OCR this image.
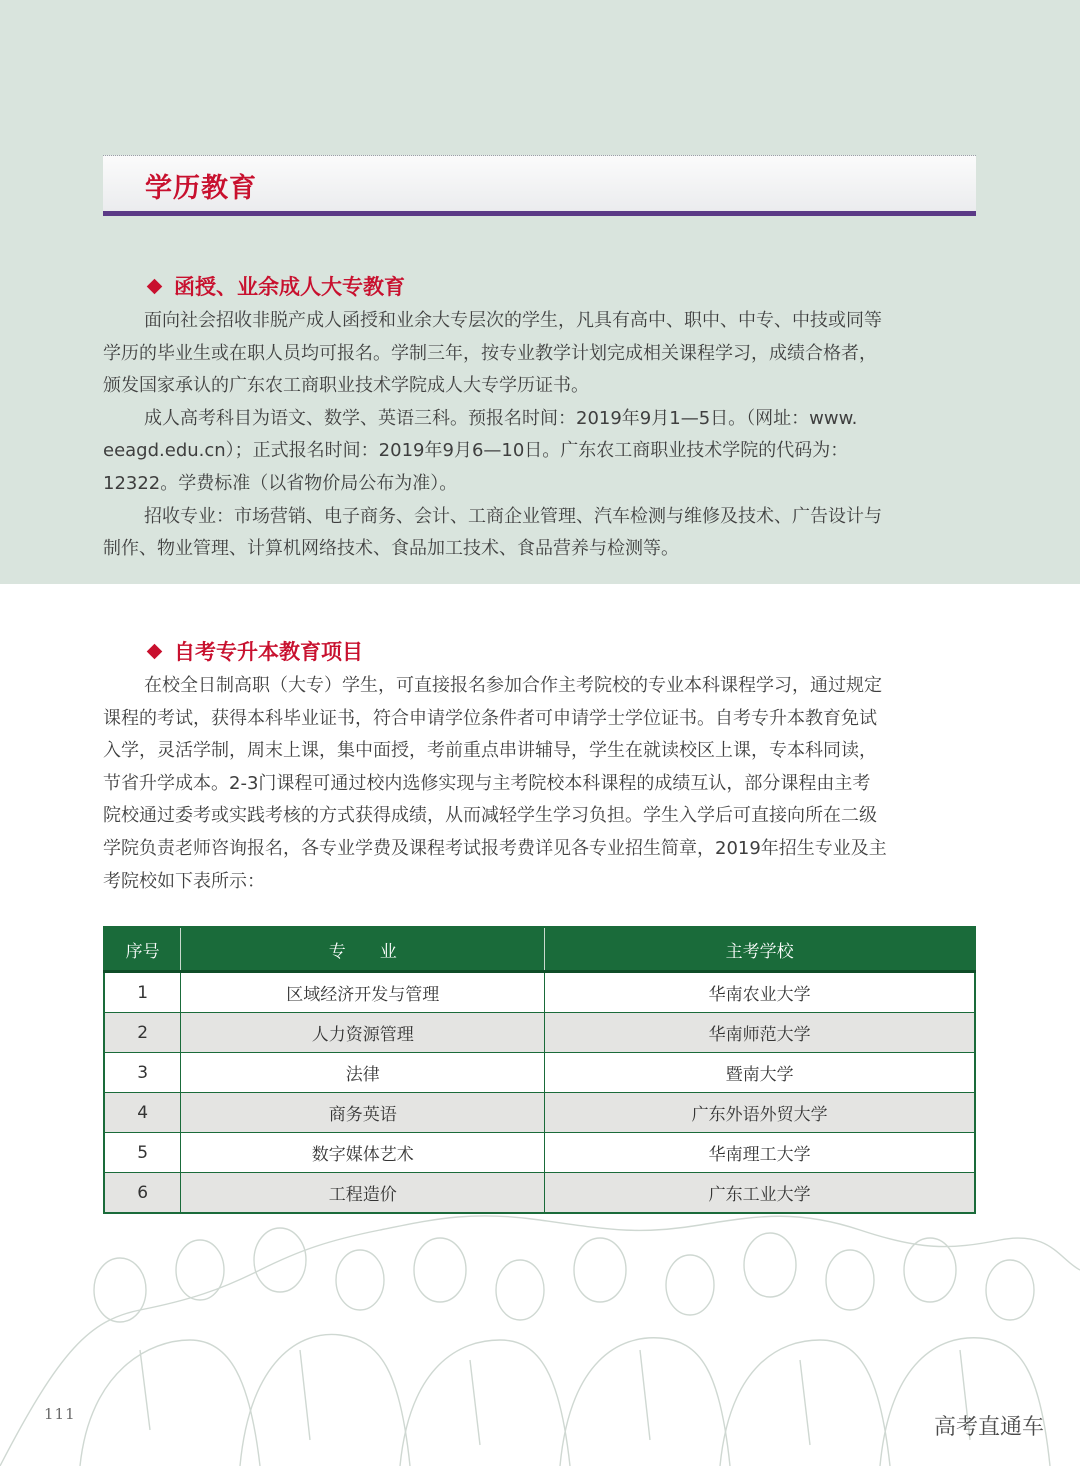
学历教育
函授、业余成人大专教育
面向社会招收非脱产成人函授和业余大专层次的学生，凡具有高中、职中、中专、中技或同等
学历的毕业生或在职人员均可报名。学制三年，按专业教学计划完成相关课程学习，成绩合格者，
颁发国家承认的广东农工商职业技术学院成人大专学历证书。
成人高考科目为语文、数学、英语三科。预报名时间：2019年9月1—5日。（网址：www.
eeagd.edu.cn）；正式报名时间：2019年9月6—10日。广东农工商职业技术学院的代码为：
12322。学费标准（以省物价局公布为准）。
招收专业：市场营销、电子商务、会计、工商企业管理、汽车检测与维修及技术、广告设计与
制作、物业管理、计算机网络技术、食品加工技术、食品营养与检测等。
自考专升本教育项目
在校全日制高职（大专）学生，可直接报名参加合作主考院校的专业本科课程学习，通过规定
课程的考试，获得本科毕业证书，符合申请学位条件者可申请学士学位证书。自考专升本教育免试
入学，灵活学制，周末上课，集中面授，考前重点串讲辅导，学生在就读校区上课，专本科同读，
节省升学成本。2-3门课程可通过校内选修实现与主考院校本科课程的成绩互认，部分课程由主考
院校通过委考或实践考核的方式获得成绩，从而减轻学生学习负担。学生入学后可直接向所在二级
学院负责老师咨询报名，各专业学费及课程考试报考费详见各专业招生简章，2019年招生专业及主
考院校如下表所示：
序号	专　　业	主考学校
1	区域经济开发与管理	华南农业大学
2	人力资源管理	华南师范大学
3	法律	暨南大学
4	商务英语	广东外语外贸大学
5	数字媒体艺术	华南理工大学
6	工程造价	广东工业大学
111
高考直通车
